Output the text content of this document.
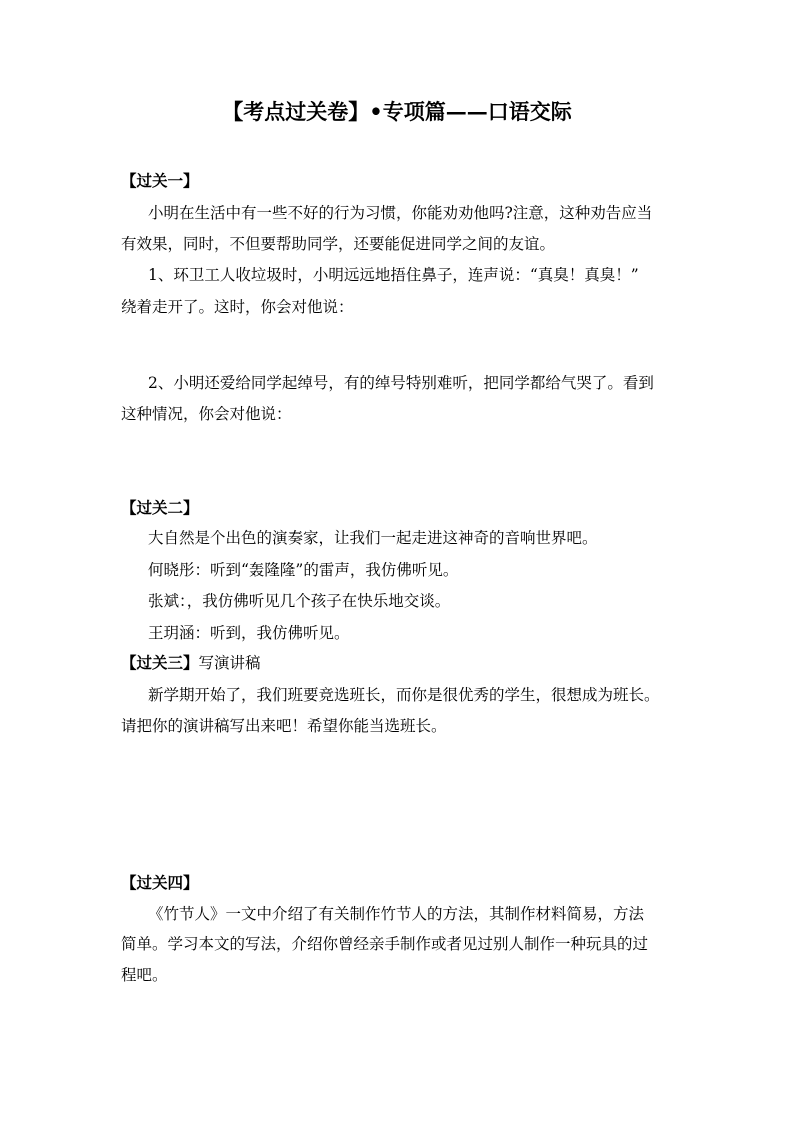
【考点过关卷】•专项篇——口语交际
【过关一】
小明在生活中有一些不好的行为习惯，你能劝劝他吗?注意，这种劝告应当
有效果，同时，不但要帮助同学，还要能促进同学之间的友谊。
1、环卫工人收垃圾时，小明远远地捂住鼻子，连声说：“真臭！真臭！”
绕着走开了。这时，你会对他说：
2、小明还爱给同学起绰号，有的绰号特别难听，把同学都给气哭了。看到
这种情况，你会对他说：
【过关二】
大自然是个出色的演奏家，让我们一起走进这神奇的音响世界吧。
何晓彤：听到“轰隆隆”的雷声，我仿佛听见。
张斌：，我仿佛听见几个孩子在快乐地交谈。
王玥涵：听到，我仿佛听见。
【过关三】写演讲稿
新学期开始了，我们班要竞选班长，而你是很优秀的学生，很想成为班长。
请把你的演讲稿写出来吧！希望你能当选班长。
【过关四】
《竹节人》一文中介绍了有关制作竹节人的方法，其制作材料简易，方法
简单。学习本文的写法，介绍你曾经亲手制作或者见过别人制作一种玩具的过
程吧。
